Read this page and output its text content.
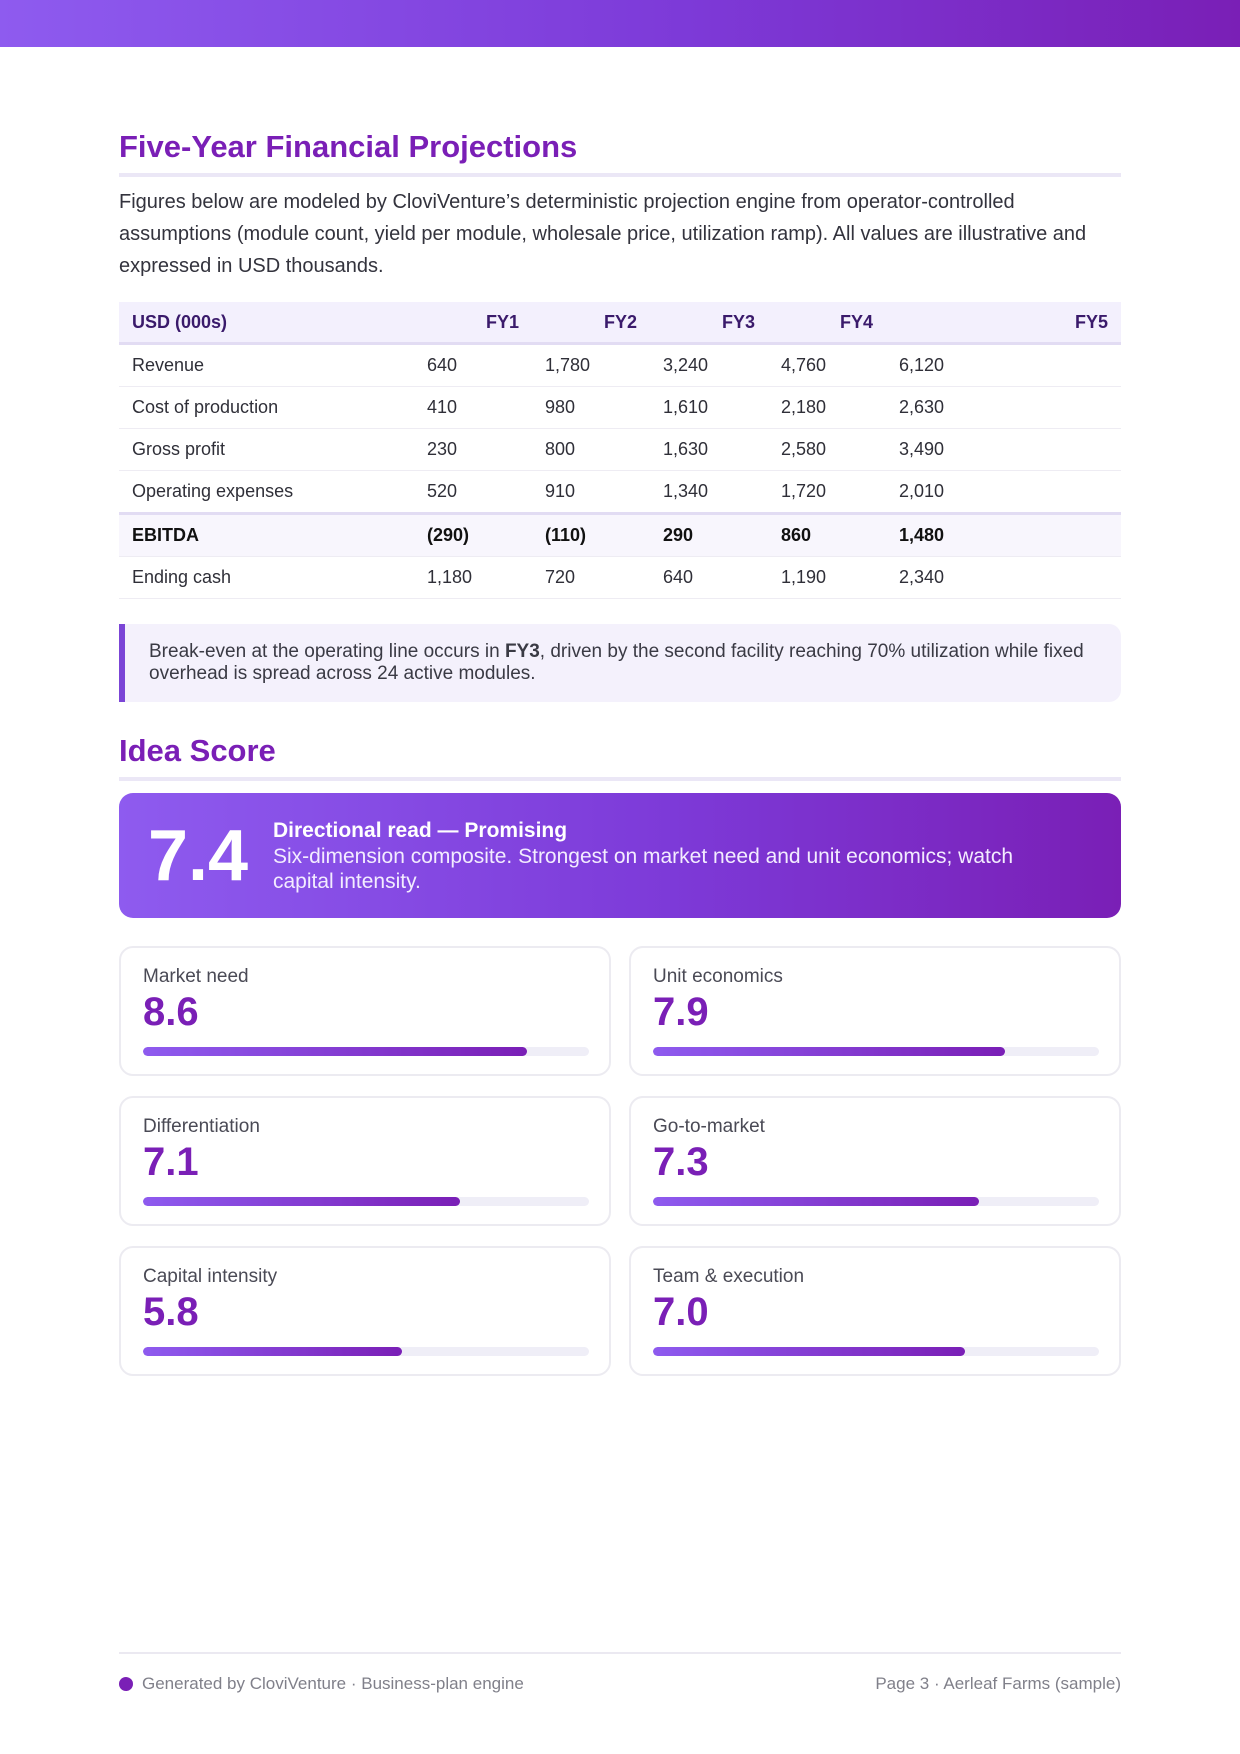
Five-Year Financial Projections

Figures below are modeled by CloviVenture’s deterministic projection engine from operator-controlled assumptions (module count, yield per module, wholesale price, utilization ramp). All values are illustrative and expressed in USD thousands.

USD (000s)	FY1	FY2	FY3	FY4	FY5
Revenue	640	1,780	3,240	4,760	6,120
Cost of production	410	980	1,610	2,180	2,630
Gross profit	230	800	1,630	2,580	3,490
Operating expenses	520	910	1,340	1,720	2,010
EBITDA	(290)	(110)	290	860	1,480
Ending cash	1,180	720	640	1,190	2,340
Break-even at the operating line occurs in FY3, driven by the second facility reaching 70% utilization while fixed overhead is spread across 24 active modules.
Idea Score
7.4 Directional read — Promising
Six-dimension composite. Strongest on market need and unit economics; watch capital intensity.
Market need
8.6
Unit economics
7.9
Differentiation
7.1
Go-to-market
7.3
Capital intensity
5.8
Team & execution
7.0
Generated by CloviVenture · Business-plan engine	Page 3 · Aerleaf Farms (sample)
